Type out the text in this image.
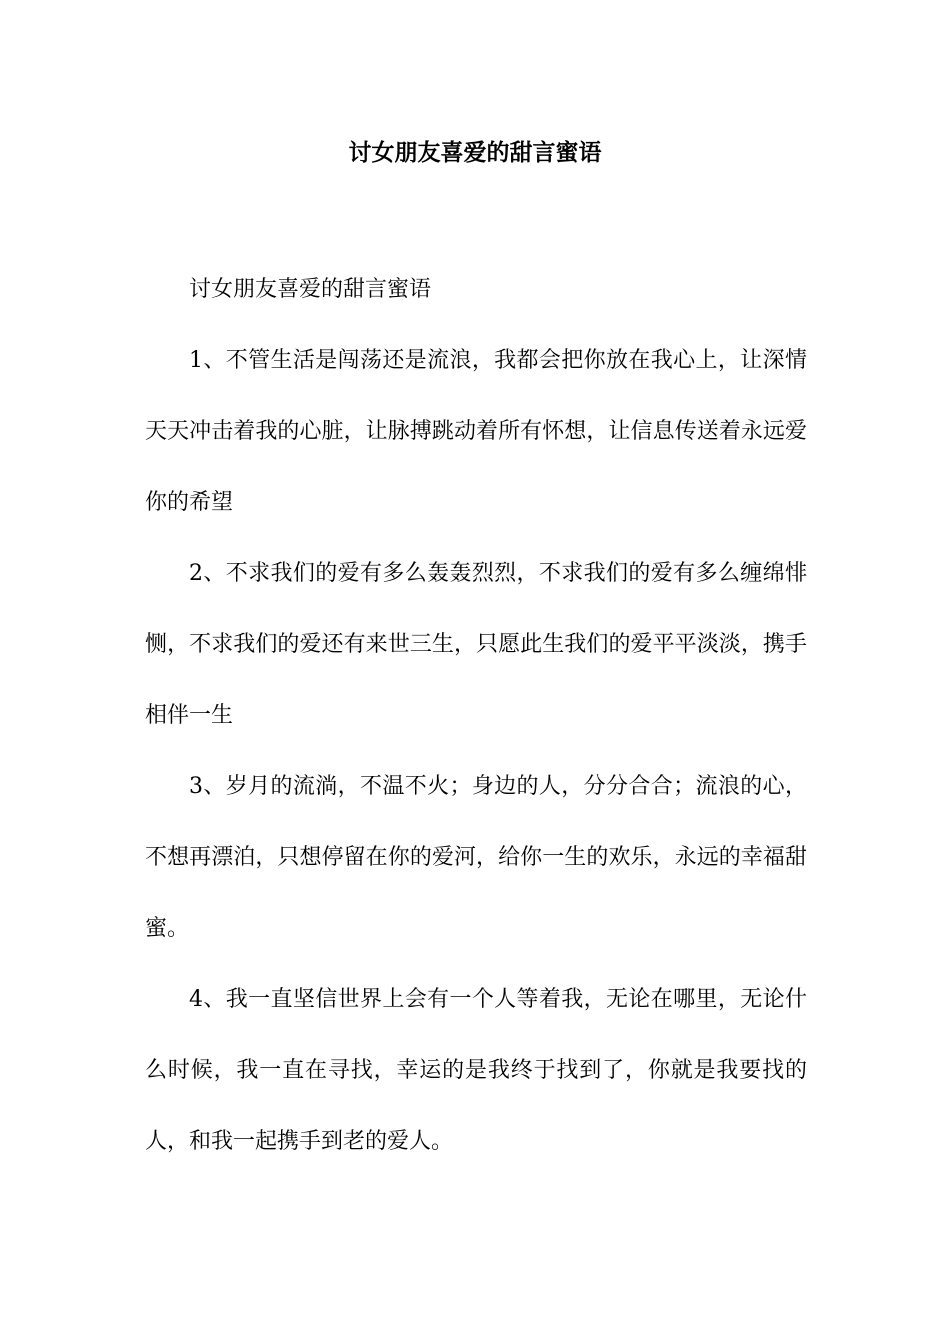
讨女朋友喜爱的甜言蜜语

讨女朋友喜爱的甜言蜜语

1、不管生活是闯荡还是流浪，我都会把你放在我心上，让深情天天冲击着我的心脏，让脉搏跳动着所有怀想，让信息传送着永远爱你的希望

2、不求我们的爱有多么轰轰烈烈，不求我们的爱有多么缠绵悱恻，不求我们的爱还有来世三生，只愿此生我们的爱平平淡淡，携手相伴一生

3、岁月的流淌，不温不火；身边的人，分分合合；流浪的心，不想再漂泊，只想停留在你的爱河，给你一生的欢乐，永远的幸福甜蜜。

4、我一直坚信世界上会有一个人等着我，无论在哪里，无论什么时候，我一直在寻找，幸运的是我终于找到了，你就是我要找的人，和我一起携手到老的爱人。
